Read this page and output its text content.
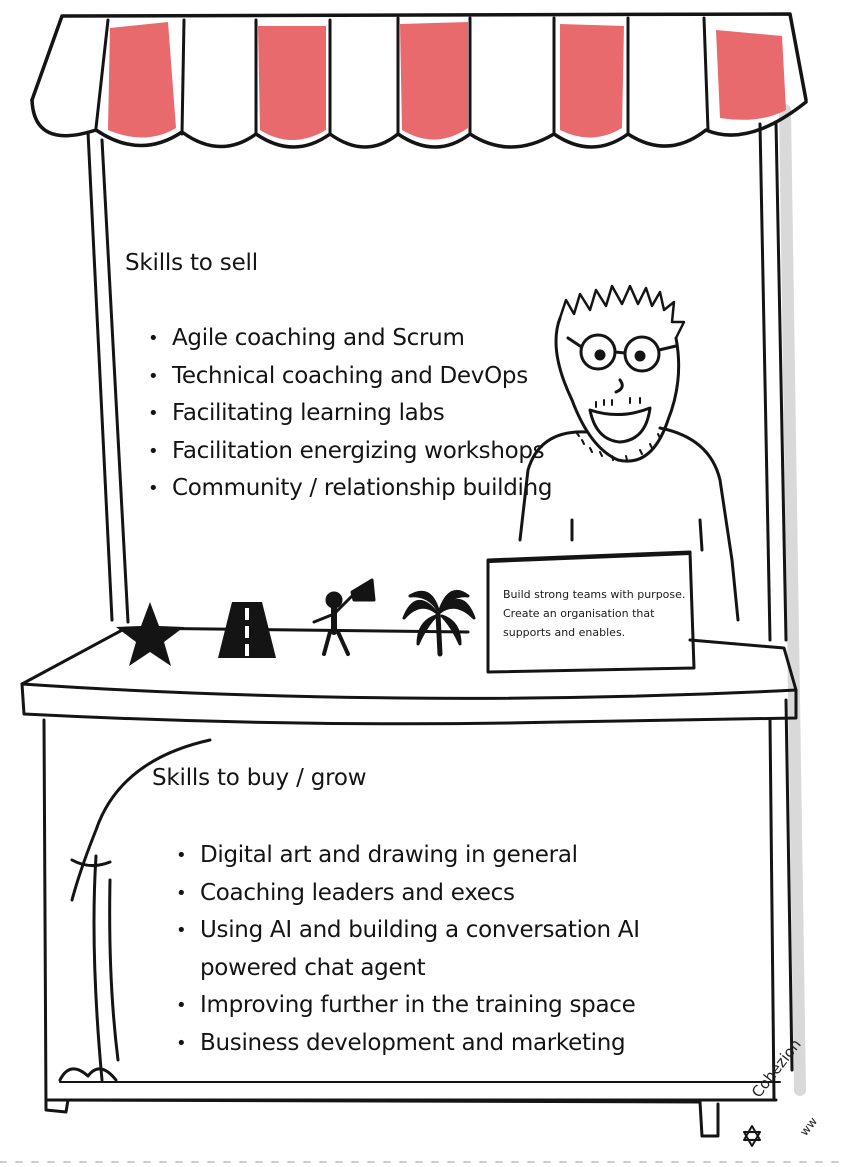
Skills to sell
• Agile coaching and Scrum
• Technical coaching and DevOps
• Facilitating learning labs
• Facilitation energizing workshops
• Community / relationship building
Build strong teams with purpose.
Create an organisation that
supports and enables.
Skills to buy / grow
• Digital art and drawing in general
• Coaching leaders and execs
• Using AI and building a conversation AI
powered chat agent
• Improving further in the training space
• Business development and marketing	Cohezion
ww
